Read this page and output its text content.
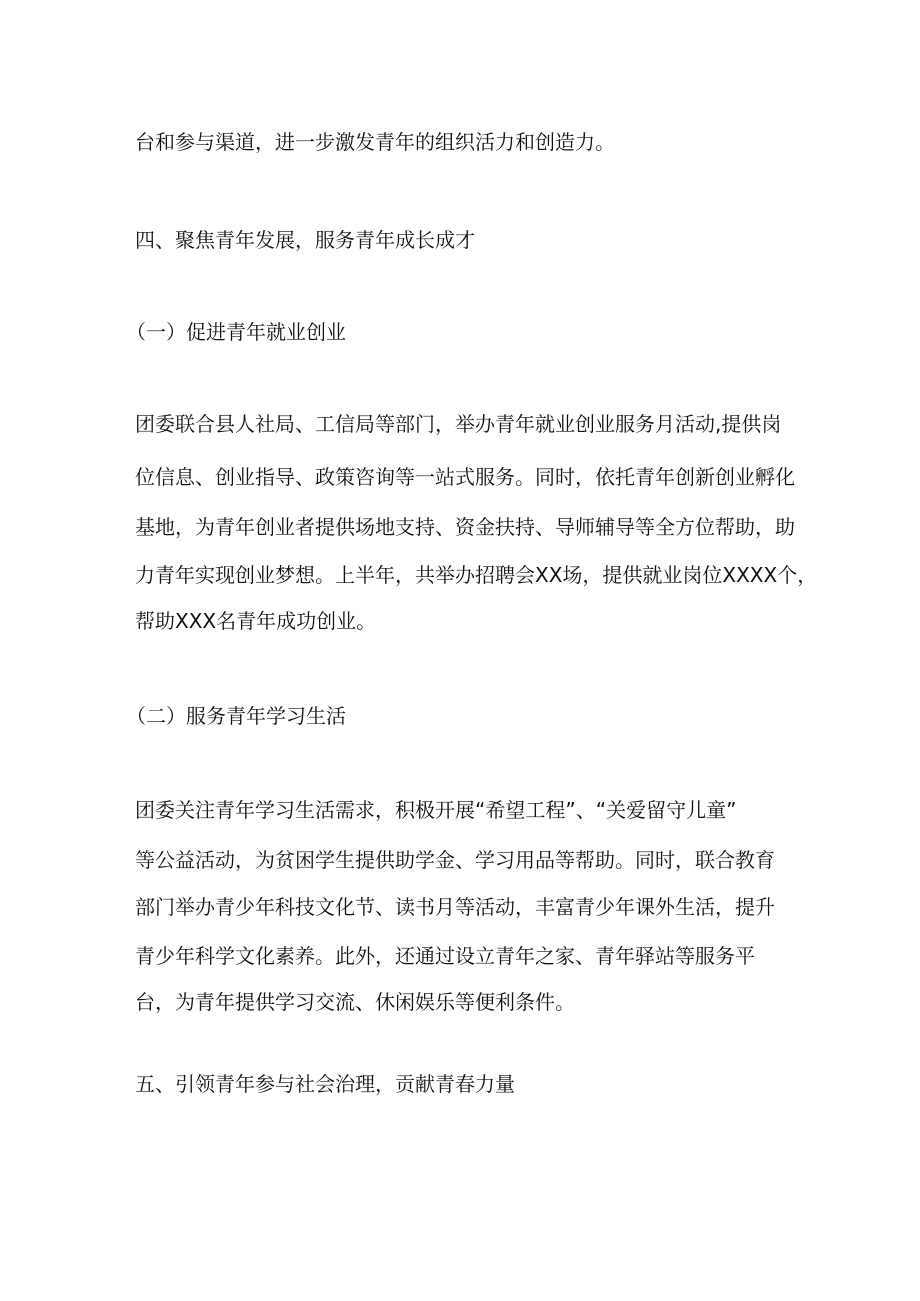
台和参与渠道，进一步激发青年的组织活力和创造力。
四、聚焦青年发展，服务青年成长成才
（一）促进青年就业创业
团委联合县人社局、工信局等部门，举办青年就业创业服务月活动,提供岗
位信息、创业指导、政策咨询等一站式服务。同时，依托青年创新创业孵化
基地，为青年创业者提供场地支持、资金扶持、导师辅导等全方位帮助，助
力青年实现创业梦想。上半年，共举办招聘会XX场，提供就业岗位XXXX个，
帮助XXX名青年成功创业。
（二）服务青年学习生活
团委关注青年学习生活需求，积极开展“希望工程”、“关爱留守儿童”
等公益活动，为贫困学生提供助学金、学习用品等帮助。同时，联合教育
部门举办青少年科技文化节、读书月等活动，丰富青少年课外生活，提升
青少年科学文化素养。此外，还通过设立青年之家、青年驿站等服务平
台，为青年提供学习交流、休闲娱乐等便利条件。
五、引领青年参与社会治理，贡献青春力量
